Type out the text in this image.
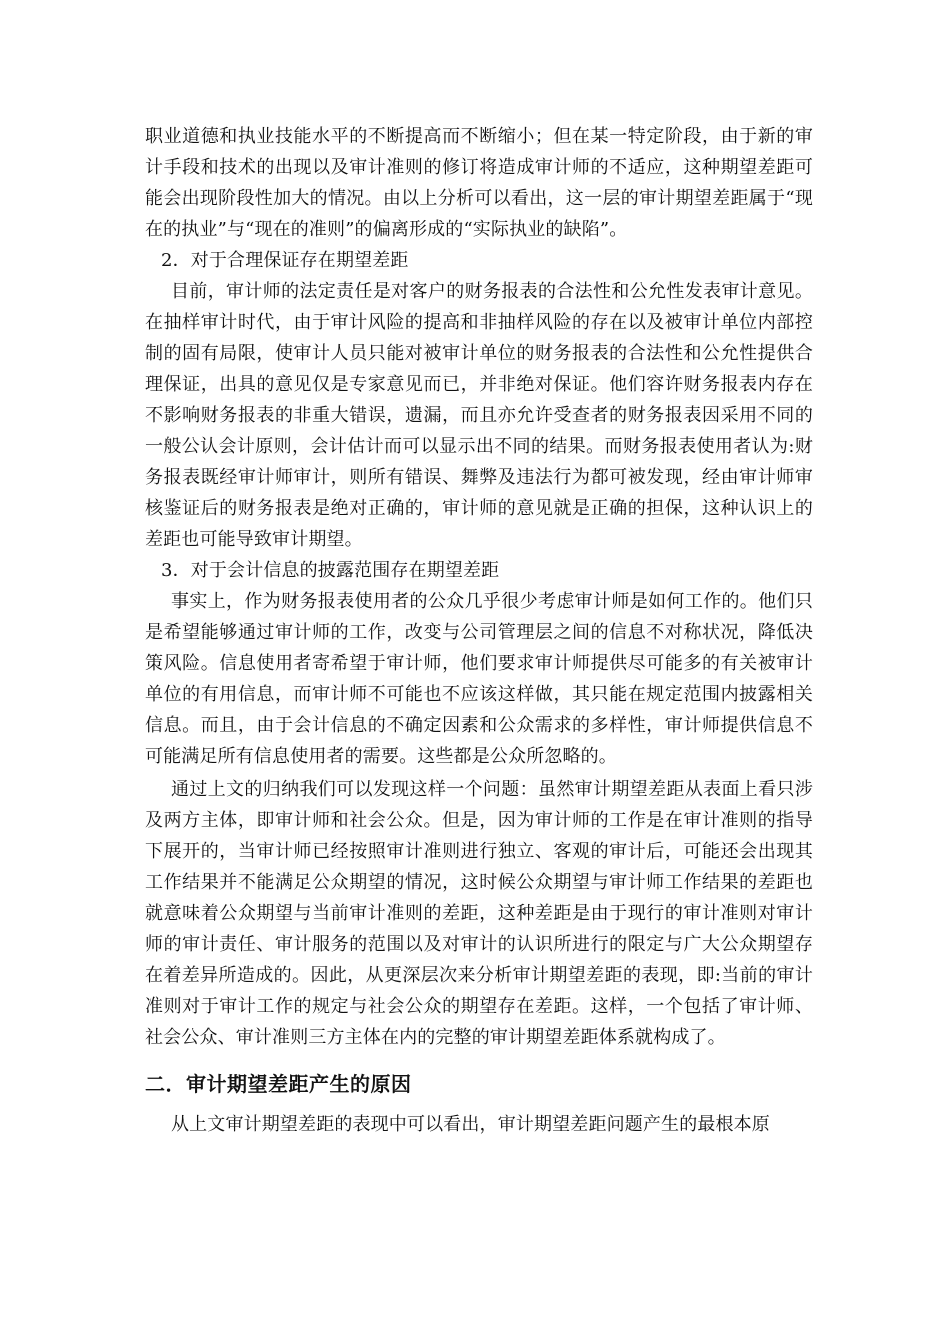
职业道德和执业技能水平的不断提高而不断缩小；但在某一特定阶段，由于新的审计手段和技术的出现以及审计准则的修订将造成审计师的不适应，这种期望差距可能会出现阶段性加大的情况。由以上分析可以看出，这一层的审计期望差距属于“现在的执业”与“现在的准则”的偏离形成的“实际执业的缺陷”。

2．对于合理保证存在期望差距

目前，审计师的法定责任是对客户的财务报表的合法性和公允性发表审计意见。在抽样审计时代，由于审计风险的提高和非抽样风险的存在以及被审计单位内部控制的固有局限，使审计人员只能对被审计单位的财务报表的合法性和公允性提供合理保证，出具的意见仅是专家意见而已，并非绝对保证。他们容许财务报表内存在不影响财务报表的非重大错误，遗漏，而且亦允许受查者的财务报表因采用不同的一般公认会计原则，会计估计而可以显示出不同的结果。而财务报表使用者认为:财务报表既经审计师审计，则所有错误、舞弊及违法行为都可被发现，经由审计师审核鉴证后的财务报表是绝对正确的，审计师的意见就是正确的担保，这种认识上的差距也可能导致审计期望。

3．对于会计信息的披露范围存在期望差距

事实上，作为财务报表使用者的公众几乎很少考虑审计师是如何工作的。他们只是希望能够通过审计师的工作，改变与公司管理层之间的信息不对称状况，降低决策风险。信息使用者寄希望于审计师，他们要求审计师提供尽可能多的有关被审计单位的有用信息，而审计师不可能也不应该这样做，其只能在规定范围内披露相关信息。而且，由于会计信息的不确定因素和公众需求的多样性，审计师提供信息不可能满足所有信息使用者的需要。这些都是公众所忽略的。

通过上文的归纳我们可以发现这样一个问题：虽然审计期望差距从表面上看只涉及两方主体，即审计师和社会公众。但是，因为审计师的工作是在审计准则的指导下展开的，当审计师已经按照审计准则进行独立、客观的审计后，可能还会出现其工作结果并不能满足公众期望的情况，这时候公众期望与审计师工作结果的差距也就意味着公众期望与当前审计准则的差距，这种差距是由于现行的审计准则对审计师的审计责任、审计服务的范围以及对审计的认识所进行的限定与广大公众期望存在着差异所造成的。因此，从更深层次来分析审计期望差距的表现，即:当前的审计准则对于审计工作的规定与社会公众的期望存在差距。这样，一个包括了审计师、社会公众、审计准则三方主体在内的完整的审计期望差距体系就构成了。

二．审计期望差距产生的原因

从上文审计期望差距的表现中可以看出，审计期望差距问题产生的最根本原
